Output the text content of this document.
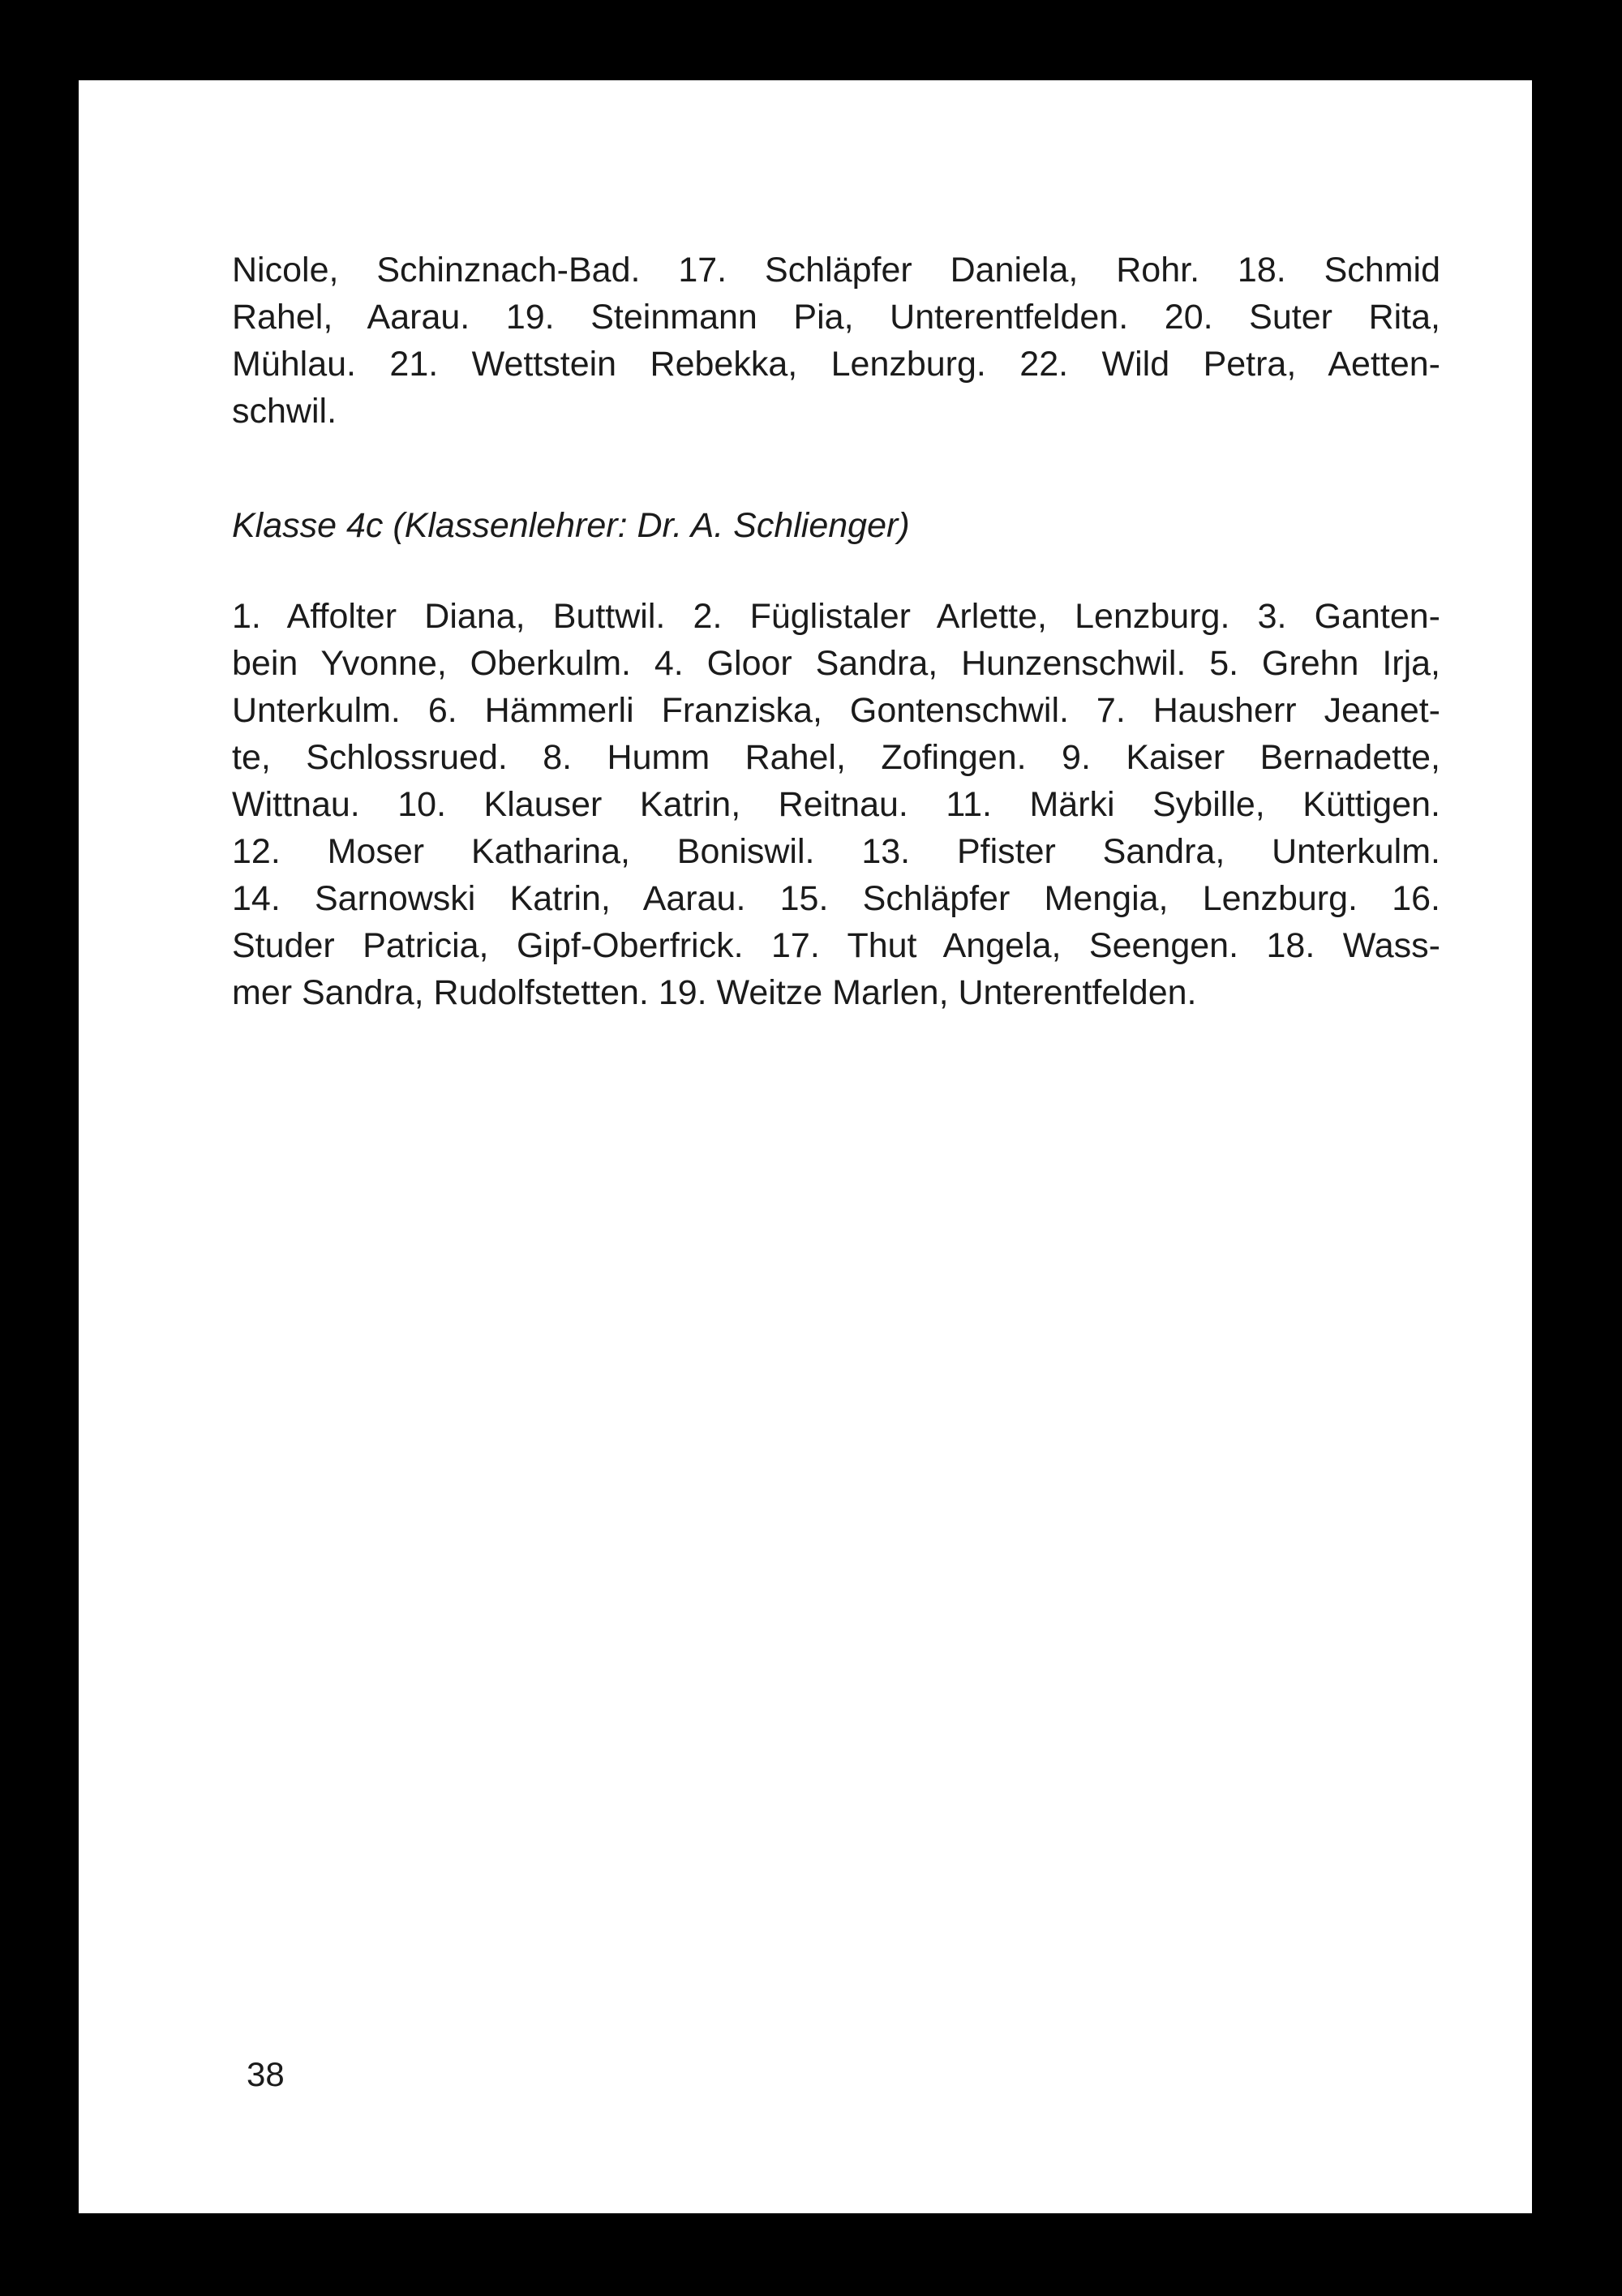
Nicole, Schinznach-Bad. 17. Schläpfer Daniela, Rohr. 18. Schmid
Rahel, Aarau. 19. Steinmann Pia, Unterentfelden. 20. Suter Rita,
Mühlau. 21. Wettstein Rebekka, Lenzburg. 22. Wild Petra, Aetten-
schwil.
Klasse 4c (Klassenlehrer: Dr. A. Schlienger)
1. Affolter Diana, Buttwil. 2. Füglistaler Arlette, Lenzburg. 3. Ganten-
bein Yvonne, Oberkulm. 4. Gloor Sandra, Hunzenschwil. 5. Grehn Irja,
Unterkulm. 6. Hämmerli Franziska, Gontenschwil. 7. Hausherr Jeanet-
te, Schlossrued. 8. Humm Rahel, Zofingen. 9. Kaiser Bernadette,
Wittnau. 10. Klauser Katrin, Reitnau. 11. Märki Sybille, Küttigen.
12. Moser Katharina, Boniswil. 13. Pfister Sandra, Unterkulm.
14. Sarnowski Katrin, Aarau. 15. Schläpfer Mengia, Lenzburg. 16.
Studer Patricia, Gipf-Oberfrick. 17. Thut Angela, Seengen. 18. Wass-
mer Sandra, Rudolfstetten. 19. Weitze Marlen, Unterentfelden.
38
